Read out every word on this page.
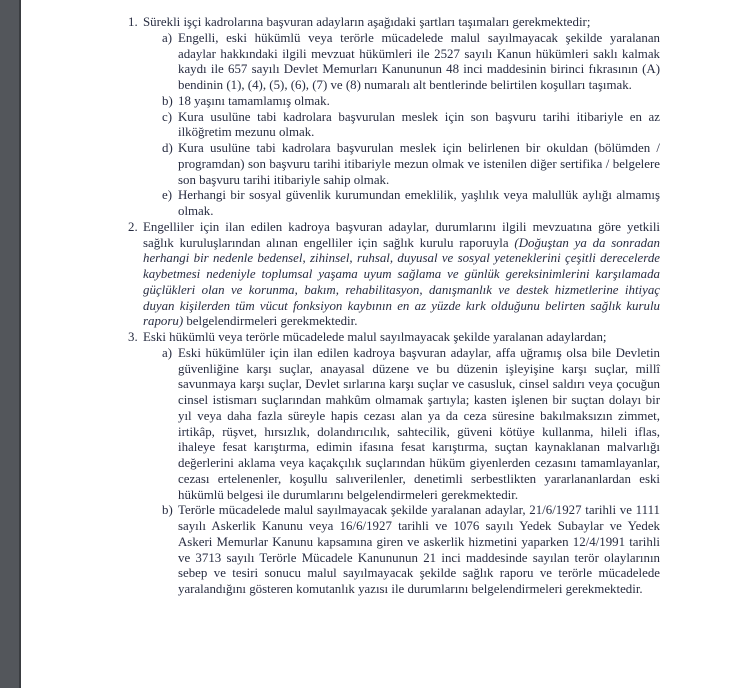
1. Sürekli işçi kadrolarına başvuran adayların aşağıdaki şartları taşımaları gerekmektedir;

a) Engelli, eski hükümlü veya terörle mücadelede malul sayılmayacak şekilde yaralanan adaylar hakkındaki ilgili mevzuat hükümleri ile 2527 sayılı Kanun hükümleri saklı kalmak kaydı ile 657 sayılı Devlet Memurları Kanununun 48 inci maddesinin birinci fıkrasının (A) bendinin (1), (4), (5), (6), (7) ve (8) numaralı alt bentlerinde belirtilen koşulları taşımak.

b) 18 yaşını tamamlamış olmak.

c) Kura usulüne tabi kadrolara başvurulan meslek için son başvuru tarihi itibariyle en az ilköğretim mezunu olmak.

d) Kura usulüne tabi kadrolara başvurulan meslek için belirlenen bir okuldan (bölümden / programdan) son başvuru tarihi itibariyle mezun olmak ve istenilen diğer sertifika / belgelere son başvuru tarihi itibariyle sahip olmak.

e) Herhangi bir sosyal güvenlik kurumundan emeklilik, yaşlılık veya malullük aylığı almamış olmak.

2. Engelliler için ilan edilen kadroya başvuran adaylar, durumlarını ilgili mevzuatına göre yetkili sağlık kuruluşlarından alınan engelliler için sağlık kurulu raporuyla (Doğuştan ya da sonradan herhangi bir nedenle bedensel, zihinsel, ruhsal, duyusal ve sosyal yeteneklerini çeşitli derecelerde kaybetmesi nedeniyle toplumsal yaşama uyum sağlama ve günlük gereksinimlerini karşılamada güçlükleri olan ve korunma, bakım, rehabilitasyon, danışmanlık ve destek hizmetlerine ihtiyaç duyan kişilerden tüm vücut fonksiyon kaybının en az yüzde kırk olduğunu belirten sağlık kurulu raporu) belgelendirmeleri gerekmektedir.

3. Eski hükümlü veya terörle mücadelede malul sayılmayacak şekilde yaralanan adaylardan;

a) Eski hükümlüler için ilan edilen kadroya başvuran adaylar, affa uğramış olsa bile Devletin güvenliğine karşı suçlar, anayasal düzene ve bu düzenin işleyişine karşı suçlar, millî savunmaya karşı suçlar, Devlet sırlarına karşı suçlar ve casusluk, cinsel saldırı veya çocuğun cinsel istismarı suçlarından mahkûm olmamak şartıyla; kasten işlenen bir suçtan dolayı bir yıl veya daha fazla süreyle hapis cezası alan ya da ceza süresine bakılmaksızın zimmet, irtikâp, rüşvet, hırsızlık, dolandırıcılık, sahtecilik, güveni kötüye kullanma, hileli iflas, ihaleye fesat karıştırma, edimin ifasına fesat karıştırma, suçtan kaynaklanan malvarlığı değerlerini aklama veya kaçakçılık suçlarından hüküm giyenlerden cezasını tamamlayanlar, cezası ertelenenler, koşullu salıverilenler, denetimli serbestlikten yararlananlardan eski hükümlü belgesi ile durumlarını belgelendirmeleri gerekmektedir.

b) Terörle mücadelede malul sayılmayacak şekilde yaralanan adaylar, 21/6/1927 tarihli ve 1111 sayılı Askerlik Kanunu veya 16/6/1927 tarihli ve 1076 sayılı Yedek Subaylar ve Yedek Askeri Memurlar Kanunu kapsamına giren ve askerlik hizmetini yaparken 12/4/1991 tarihli ve 3713 sayılı Terörle Mücadele Kanununun 21 inci maddesinde sayılan terör olaylarının sebep ve tesiri sonucu malul sayılmayacak şekilde sağlık raporu ve terörle mücadelede yaralandığını gösteren komutanlık yazısı ile durumlarını belgelendirmeleri gerekmektedir.
